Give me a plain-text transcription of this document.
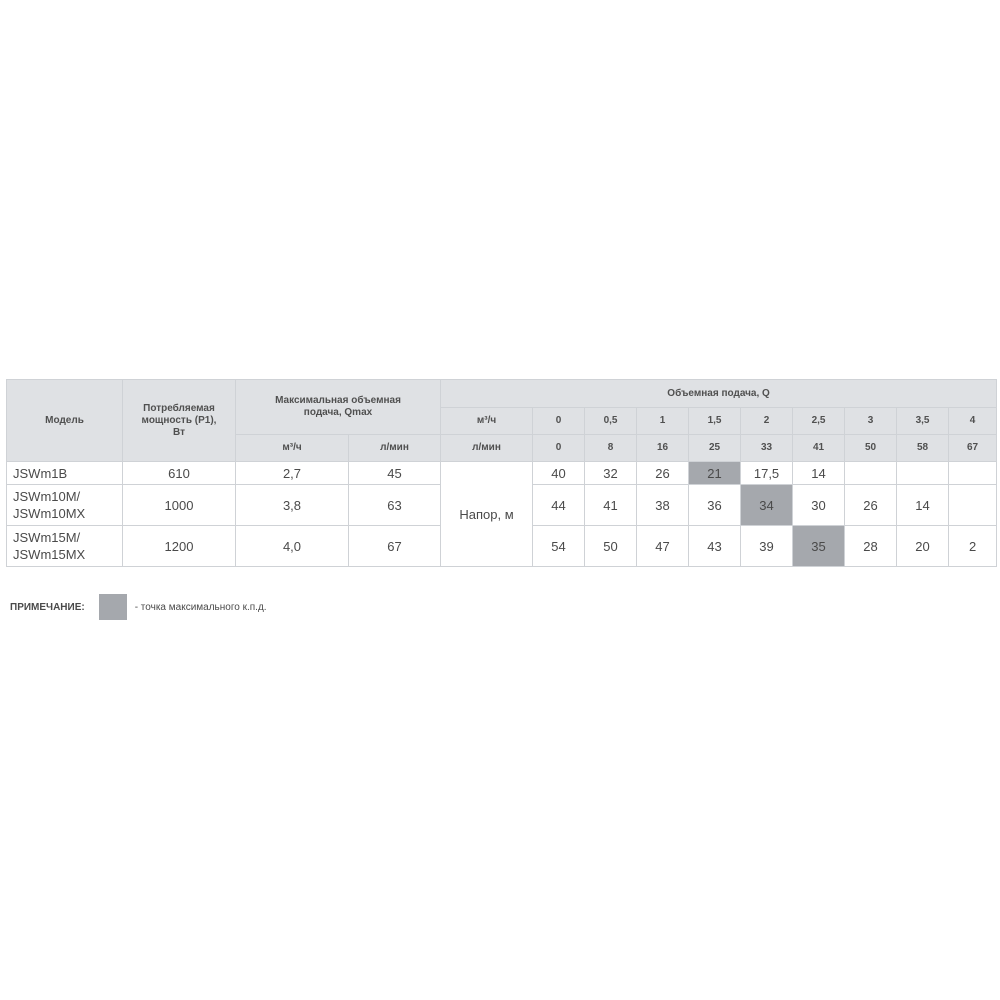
Модель	Потребляемая
мощность (P1),
Вт	Максимальная объемная
подача, Qmax		Объемная подача, Q									
				м³/ч	0	0,5	1	1,5	2	2,5	3	3,5	4
		м³/ч	л/мин	л/мин	0	8	16	25	33	41	50	58	67
JSWm1B	610	2,7	45	Напор, м	40	32	26	21	17,5	14			
JSWm10M/
JSWm10MX	1000	3,8	63		44	41	38	36	34	30	26	14	
JSWm15M/
JSWm15MX	1200	4,0	67		54	50	47	43	39	35	28	20	2
ПРИМЕЧАНИЕ:	- точка максимального к.п.д.
